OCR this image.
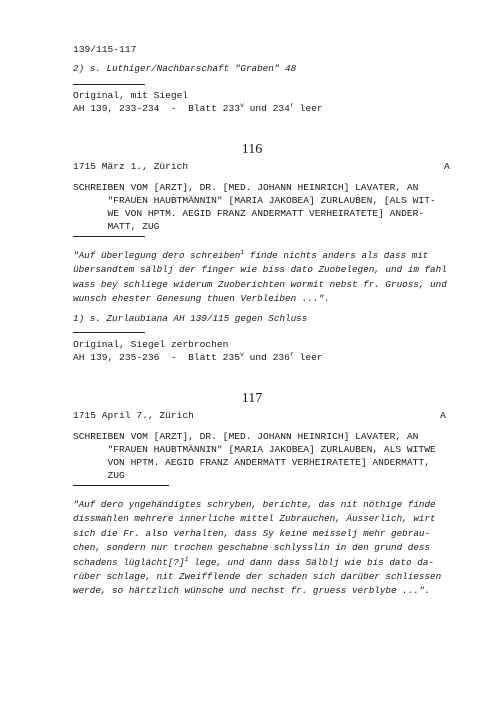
139/115-117
2) s. Luthiger/Nachbarschaft "Graben" 48
Original, mit Siegel
AH 139, 233-234  -  Blatt 233$^v$ und 234$^r$ leer
116
1715 März 1., Zürich	A
SCHREIBEN VOM [ARZT], DR. [MED. JOHANN HEINRICH] LAVATER, AN
"FRAUEN HAUBTMÄNNIN" [MARIA JAKOBEA] ZURLAUBEN, [ALS WIT-
WE VON HPTM. AEGID FRANZ ANDERMATT VERHEIRATETE] ANDER-
MATT, ZUG
"Auf überlegung dero schreiben$^1$ finde nichts anders als dass mit
übersandtem sälblj der finger wie biss dato Zuobelegen, und im fahl
wass bey schliege widerum Zuoberichten wormit nebst fr. Gruoss, und
wunsch ehester Genesung thuen Verbleiben ...".
1) s. Zurlaubiana AH 139/115 gegen Schluss
Original, Siegel zerbrochen
AH 139, 235-236  -  Blatt 235$^v$ und 236$^r$ leer
117
1715 April 7., Zürich	A
SCHREIBEN VOM [ARZT], DR. [MED. JOHANN HEINRICH] LAVATER, AN
"FRAUEN HAUBTMÄNNIN" [MARIA JAKOBEA] ZURLAUBEN, ALS WITWE
VON HPTM. AEGID FRANZ ANDERMATT VERHEIRATETE] ANDERMATT,
ZUG
"Auf dero yngehändigtes schryben, berichte, das nit nöthige finde
dissmahlen mehrere innerliche mittel Zubrauchen, Äusserlich, wirt
sich die Fr. also verhalten, dass Sy keine meisselj mehr gebrau-
chen, sondern nur trochen geschabne schlysslin in den grund dess
schadens lüglächt[?]$^1$ lege, und dann dass Sälblj wie bis dato da-
rüber schlage, nit Zweifflende der schaden sich darüber schliessen
werde, so härtzlich wünsche und nechst fr. gruess verblybe ...".
